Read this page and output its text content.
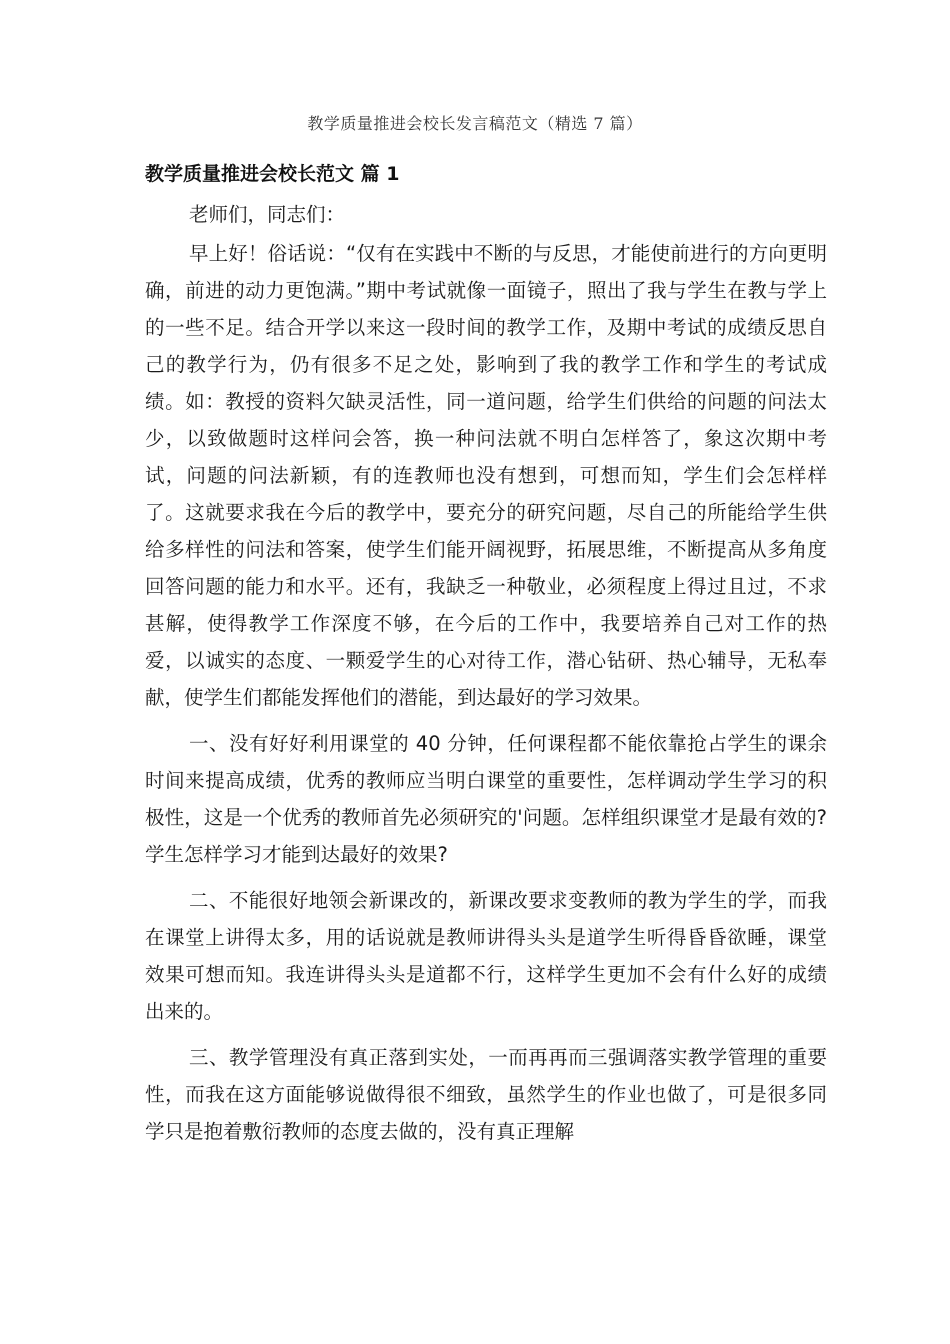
教学质量推进会校长发言稿范文（精选 7 篇）
教学质量推进会校长范文 篇 1

老师们，同志们：

早上好！俗话说：“仅有在实践中不断的与反思，才能使前进行的方向更明确，前进的动力更饱满。”期中考试就像一面镜子，照出了我与学生在教与学上的一些不足。结合开学以来这一段时间的教学工作，及期中考试的成绩反思自己的教学行为，仍有很多不足之处，影响到了我的教学工作和学生的考试成绩。如：教授的资料欠缺灵活性，同一道问题，给学生们供给的问题的问法太少，以致做题时这样问会答，换一种问法就不明白怎样答了，象这次期中考试，问题的问法新颖，有的连教师也没有想到，可想而知，学生们会怎样样了。这就要求我在今后的教学中，要充分的研究问题，尽自己的所能给学生供给多样性的问法和答案，使学生们能开阔视野，拓展思维，不断提高从多角度回答问题的能力和水平。还有，我缺乏一种敬业，必须程度上得过且过，不求甚解，使得教学工作深度不够，在今后的工作中，我要培养自己对工作的热爱，以诚实的态度、一颗爱学生的心对待工作，潜心钻研、热心辅导，无私奉献，使学生们都能发挥他们的潜能，到达最好的学习效果。

一、没有好好利用课堂的 40 分钟，任何课程都不能依靠抢占学生的课余时间来提高成绩，优秀的教师应当明白课堂的重要性，怎样调动学生学习的积极性，这是一个优秀的教师首先必须研究的'问题。怎样组织课堂才是最有效的?学生怎样学习才能到达最好的效果?

二、不能很好地领会新课改的，新课改要求变教师的教为学生的学，而我在课堂上讲得太多，用的话说就是教师讲得头头是道学生听得昏昏欲睡，课堂效果可想而知。我连讲得头头是道都不行，这样学生更加不会有什么好的成绩出来的。

三、教学管理没有真正落到实处，一而再再而三强调落实教学管理的重要性，而我在这方面能够说做得很不细致，虽然学生的作业也做了，可是很多同学只是抱着敷衍教师的态度去做的，没有真正理解
